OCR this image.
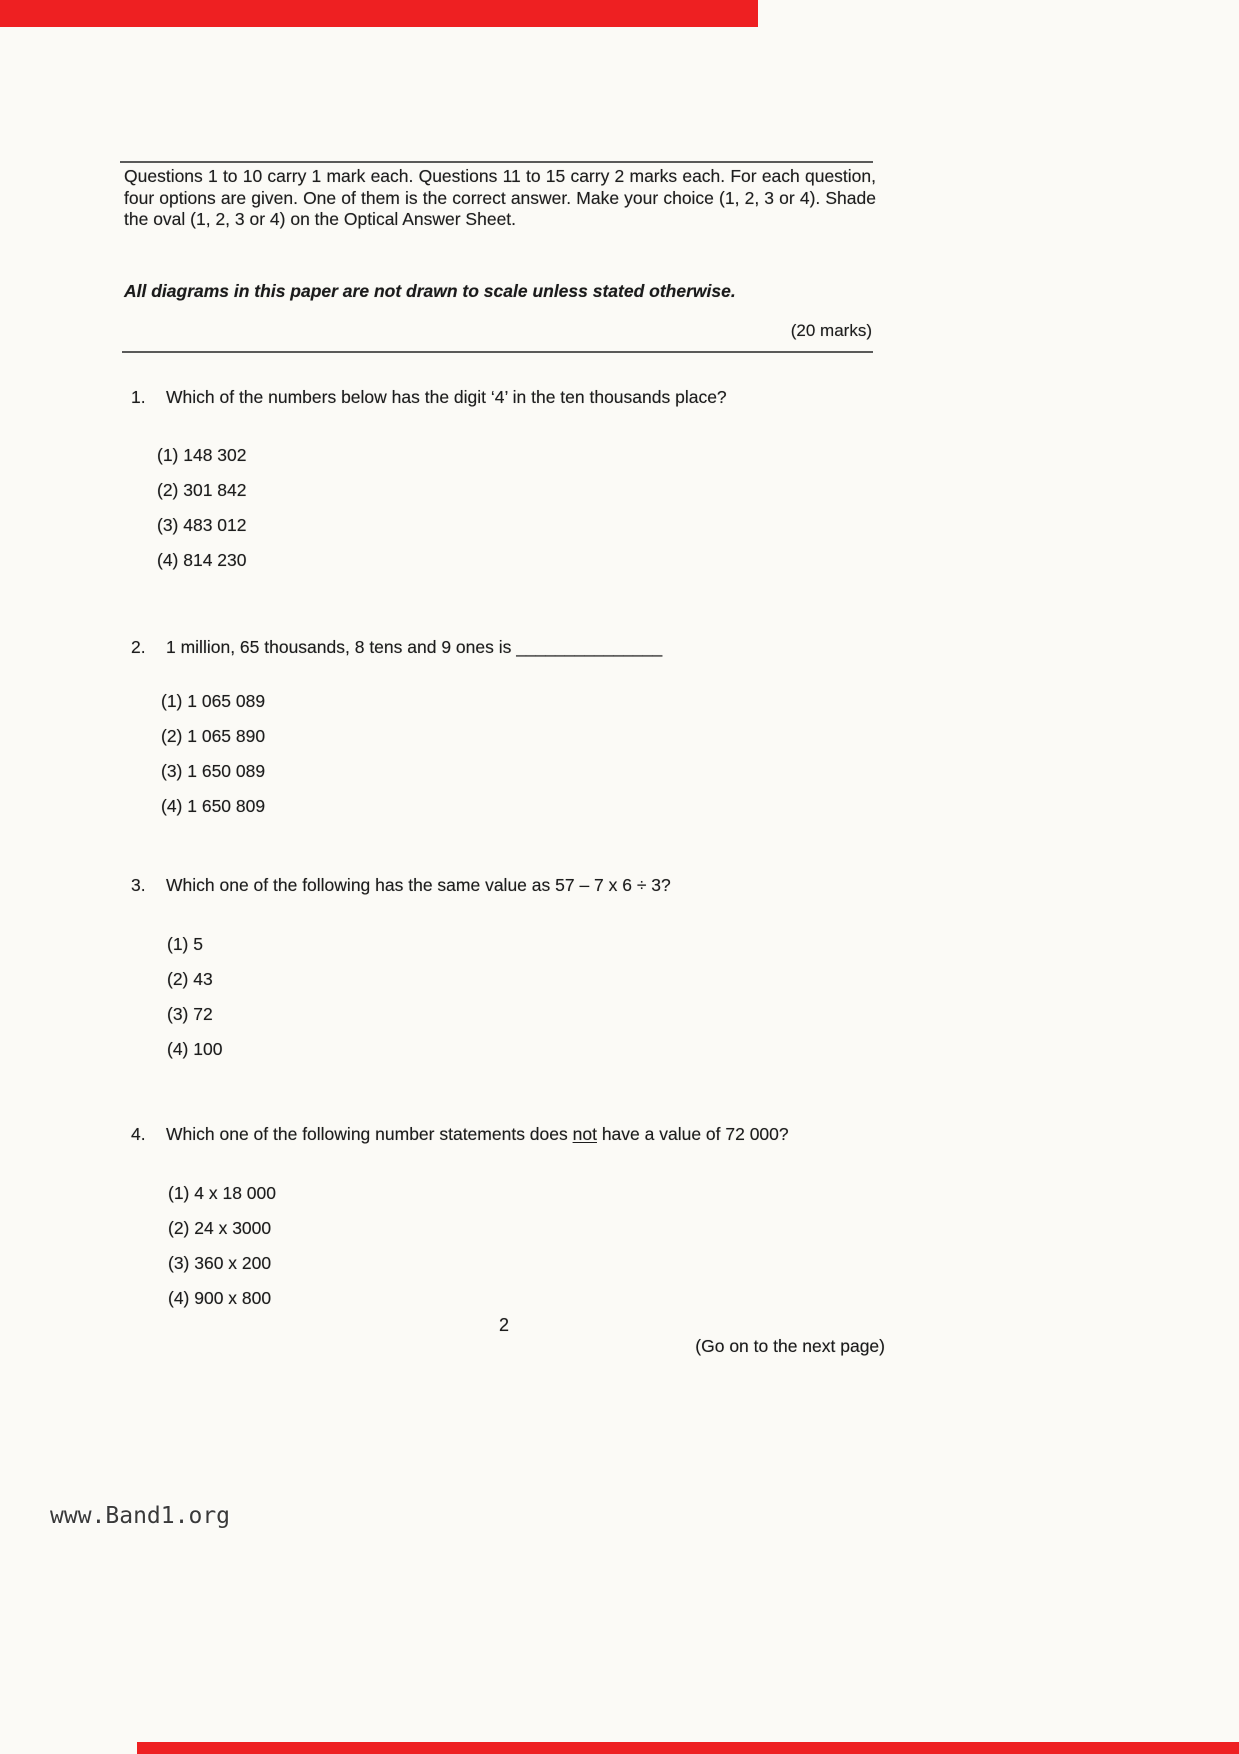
Questions 1 to 10 carry 1 mark each. Questions 11 to 15 carry 2 marks each. For each question, four options are given. One of them is the correct answer. Make your choice (1, 2, 3 or 4). Shade the oval (1, 2, 3 or 4) on the Optical Answer Sheet.
All diagrams in this paper are not drawn to scale unless stated otherwise.
(20 marks)
1. Which of the numbers below has the digit ‘4’ in the ten thousands place?
(1) 148 302
(2) 301 842
(3) 483 012
(4) 814 230
2. 1 million, 65 thousands, 8 tens and 9 ones is _______________
(1) 1 065 089
(2) 1 065 890
(3) 1 650 089
(4) 1 650 809
3. Which one of the following has the same value as 57 – 7 x 6 ÷ 3?
(1) 5
(2) 43
(3) 72
(4) 100
4. Which one of the following number statements does not have a value of 72 000?
(1) 4 x 18 000
(2) 24 x 3000
(3) 360 x 200
(4) 900 x 800
2
(Go on to the next page)
www.Band1.org
